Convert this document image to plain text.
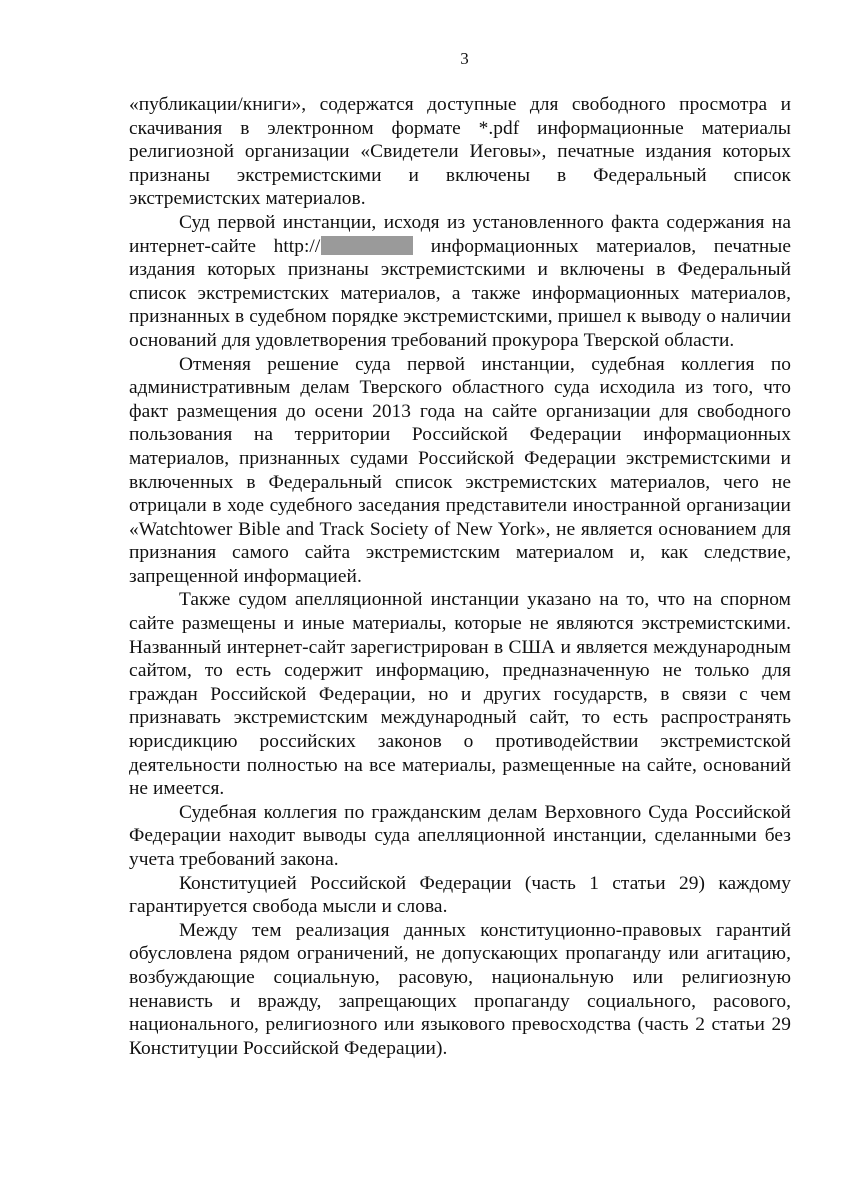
3

«публикации/книги», содержатся доступные для свободного просмотра и скачивания в электронном формате *.pdf информационные материалы религиозной организации «Свидетели Иеговы», печатные издания которых признаны экстремистскими и включены в Федеральный список экстремистских материалов.

Суд первой инстанции, исходя из установленного факта содержания на интернет-сайте http://	информационных материалов, печатные издания которых признаны экстремистскими и включены в Федеральный список экстремистских материалов, а также информационных материалов, признанных в судебном порядке экстремистскими, пришел к выводу о наличии оснований для удовлетворения требований прокурора Тверской области.

Отменяя решение суда первой инстанции, судебная коллегия по административным делам Тверского областного суда исходила из того, что факт размещения до осени 2013 года на сайте организации для свободного пользования на территории Российской Федерации информационных материалов, признанных судами Российской Федерации экстремистскими и включенных в Федеральный список экстремистских материалов, чего не отрицали в ходе судебного заседания представители иностранной организации «Watchtower Bible and Track Society of New York», не является основанием для признания самого сайта экстремистским материалом и, как следствие, запрещенной информацией.

Также судом апелляционной инстанции указано на то, что на спорном сайте размещены и иные материалы, которые не являются экстремистскими. Названный интернет-сайт зарегистрирован в США и является международным сайтом, то есть содержит информацию, предназначенную не только для граждан Российской Федерации, но и других государств, в связи с чем признавать экстремистским международный сайт, то есть распространять юрисдикцию российских законов о противодействии экстремистской деятельности полностью на все материалы, размещенные на сайте, оснований не имеется.

Судебная коллегия по гражданским делам Верховного Суда Российской Федерации находит выводы суда апелляционной инстанции, сделанными без учета требований закона.

Конституцией Российской Федерации (часть 1 статьи 29) каждому гарантируется свобода мысли и слова.

Между тем реализация данных конституционно-правовых гарантий обусловлена рядом ограничений, не допускающих пропаганду или агитацию, возбуждающие социальную, расовую, национальную или религиозную ненависть и вражду, запрещающих пропаганду социального, расового, национального, религиозного или языкового превосходства (часть 2 статьи 29 Конституции Российской Федерации).
